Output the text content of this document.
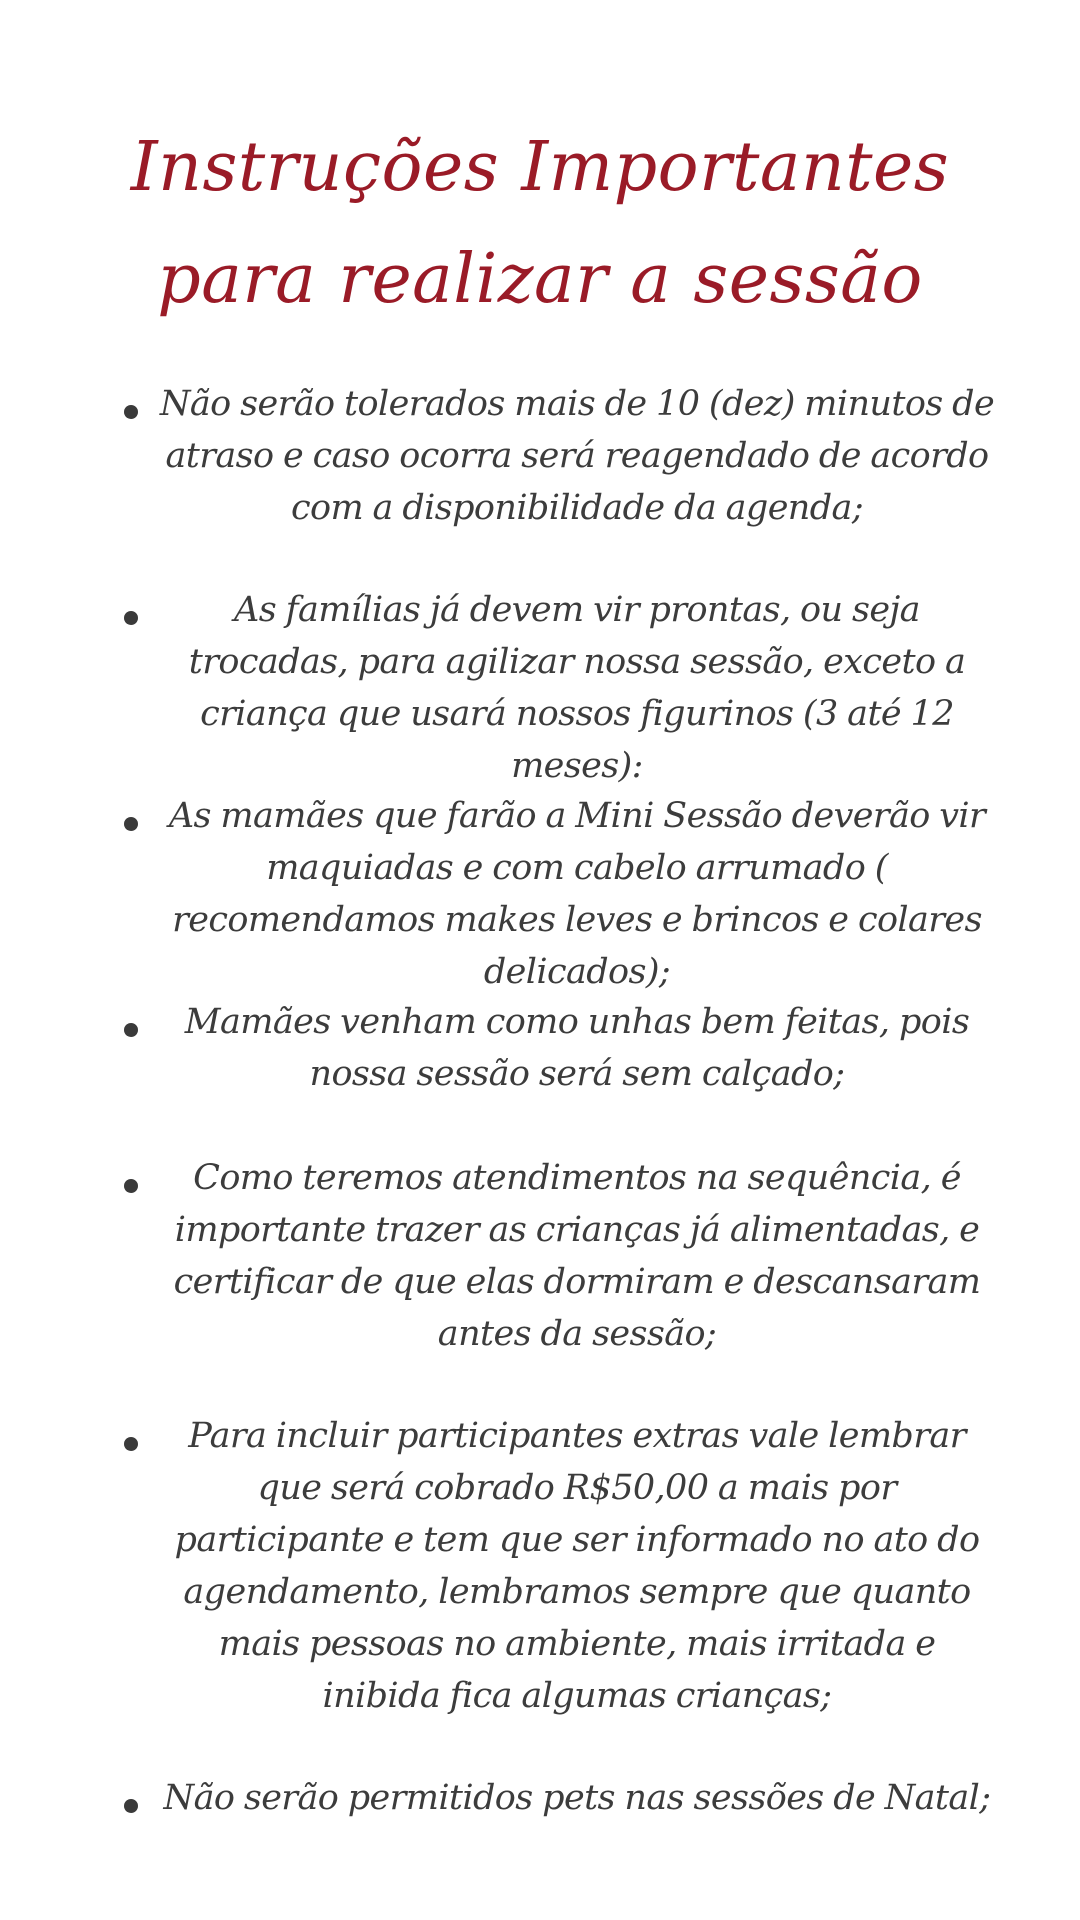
Instruções Importantes para realizar a sessão
Não serão tolerados mais de 10 (dez) minutos de atraso e caso ocorra será reagendado de acordo com a disponibilidade da agenda;
As famílias já devem vir prontas, ou seja trocadas, para agilizar nossa sessão, exceto a criança que usará nossos figurinos (3 até 12 meses):
As mamães que farão a Mini Sessão deverão vir maquiadas e com cabelo arrumado ( recomendamos makes leves e brincos e colares delicados);
Mamães venham como unhas bem feitas, pois nossa sessão será sem calçado;
Como teremos atendimentos na sequência, é importante trazer as crianças já alimentadas, e certificar de que elas dormiram e descansaram antes da sessão;
Para incluir participantes extras vale lembrar que será cobrado R$50,00 a mais por participante e tem que ser informado no ato do agendamento, lembramos sempre que quanto mais pessoas no ambiente, mais irritada e inibida fica algumas crianças;
Não serão permitidos pets nas sessões de Natal;
